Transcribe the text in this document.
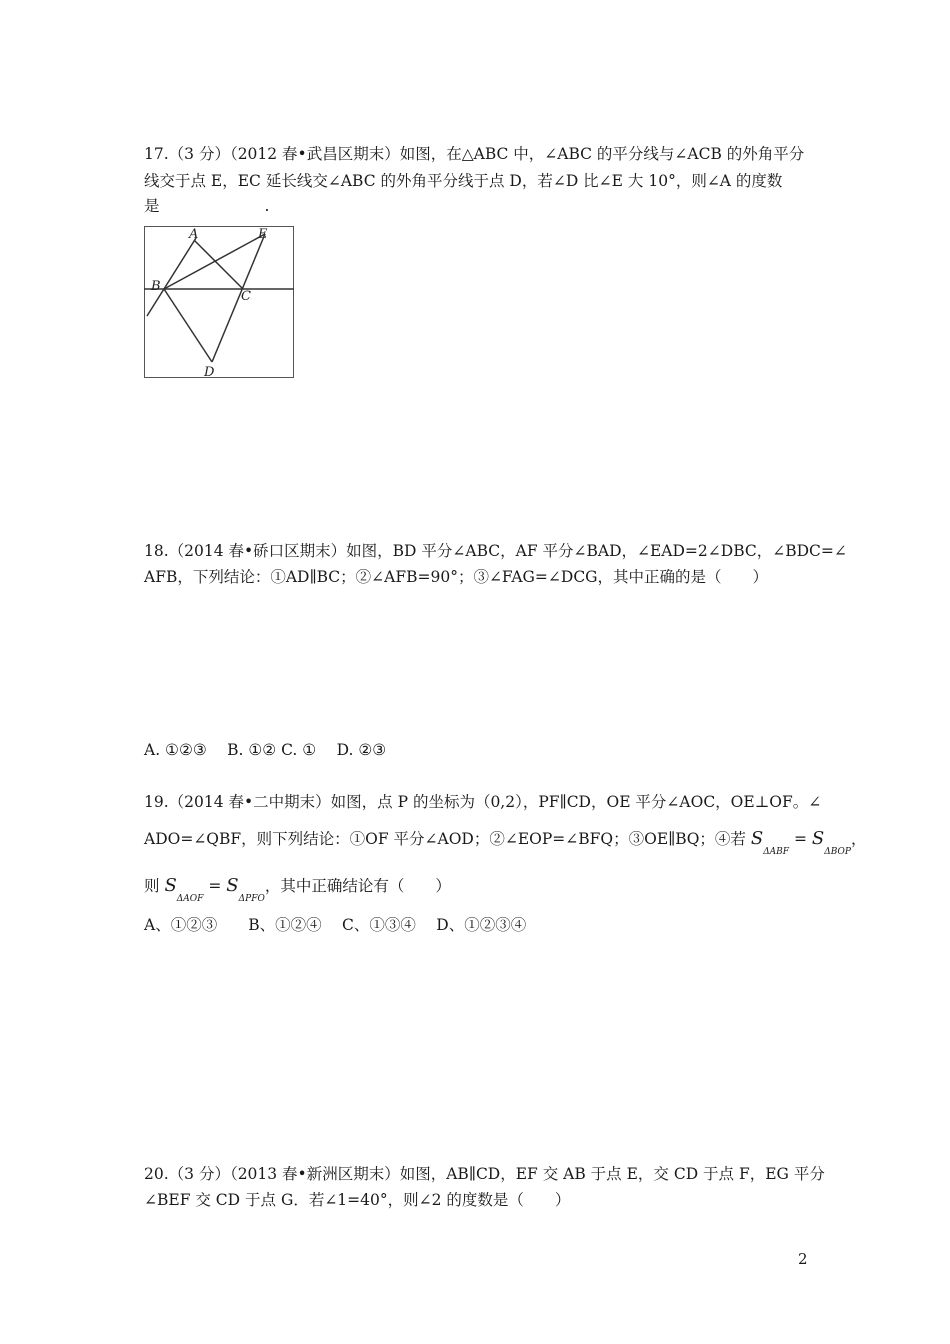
17.（3 分）（2012 春•武昌区期末）如图，在△ABC 中，∠ABC 的平分线与∠ACB 的外角平分
线交于点 E，EC 延长线交∠ABC 的外角平分线于点 D，若∠D 比∠E 大 10°，则∠A 的度数
是	.
A	E
B
C
D
18.（2014 春•硚口区期末）如图，BD 平分∠ABC，AF 平分∠BAD，∠EAD=2∠DBC，∠BDC=∠
AFB，下列结论：①AD∥BC；②∠AFB=90°；③∠FAG=∠DCG，其中正确的是（　　）
A. ①②③　 B. ①② C. ①　 D. ②③
19.（2014 春•二中期末）如图，点 P 的坐标为（0,2），PF∥CD，OE 平分∠AOC，OE⊥OF。∠
ADO=∠QBF，则下列结论：①OF 平分∠AOD；②∠EOP=∠BFQ；③OE∥BQ；④若 $S_{\Delta ABF} = S_{\Delta BOP}$，
则 $S_{\Delta AOF} = S_{\Delta PFO}$，其中正确结论有（　　）
A、①②③　　B、①②④　 C、①③④　 D、①②③④
20.（3 分）（2013 春•新洲区期末）如图，AB∥CD，EF 交 AB 于点 E，交 CD 于点 F，EG 平分
∠BEF 交 CD 于点 G．若∠1=40°，则∠2 的度数是（　　）
2
